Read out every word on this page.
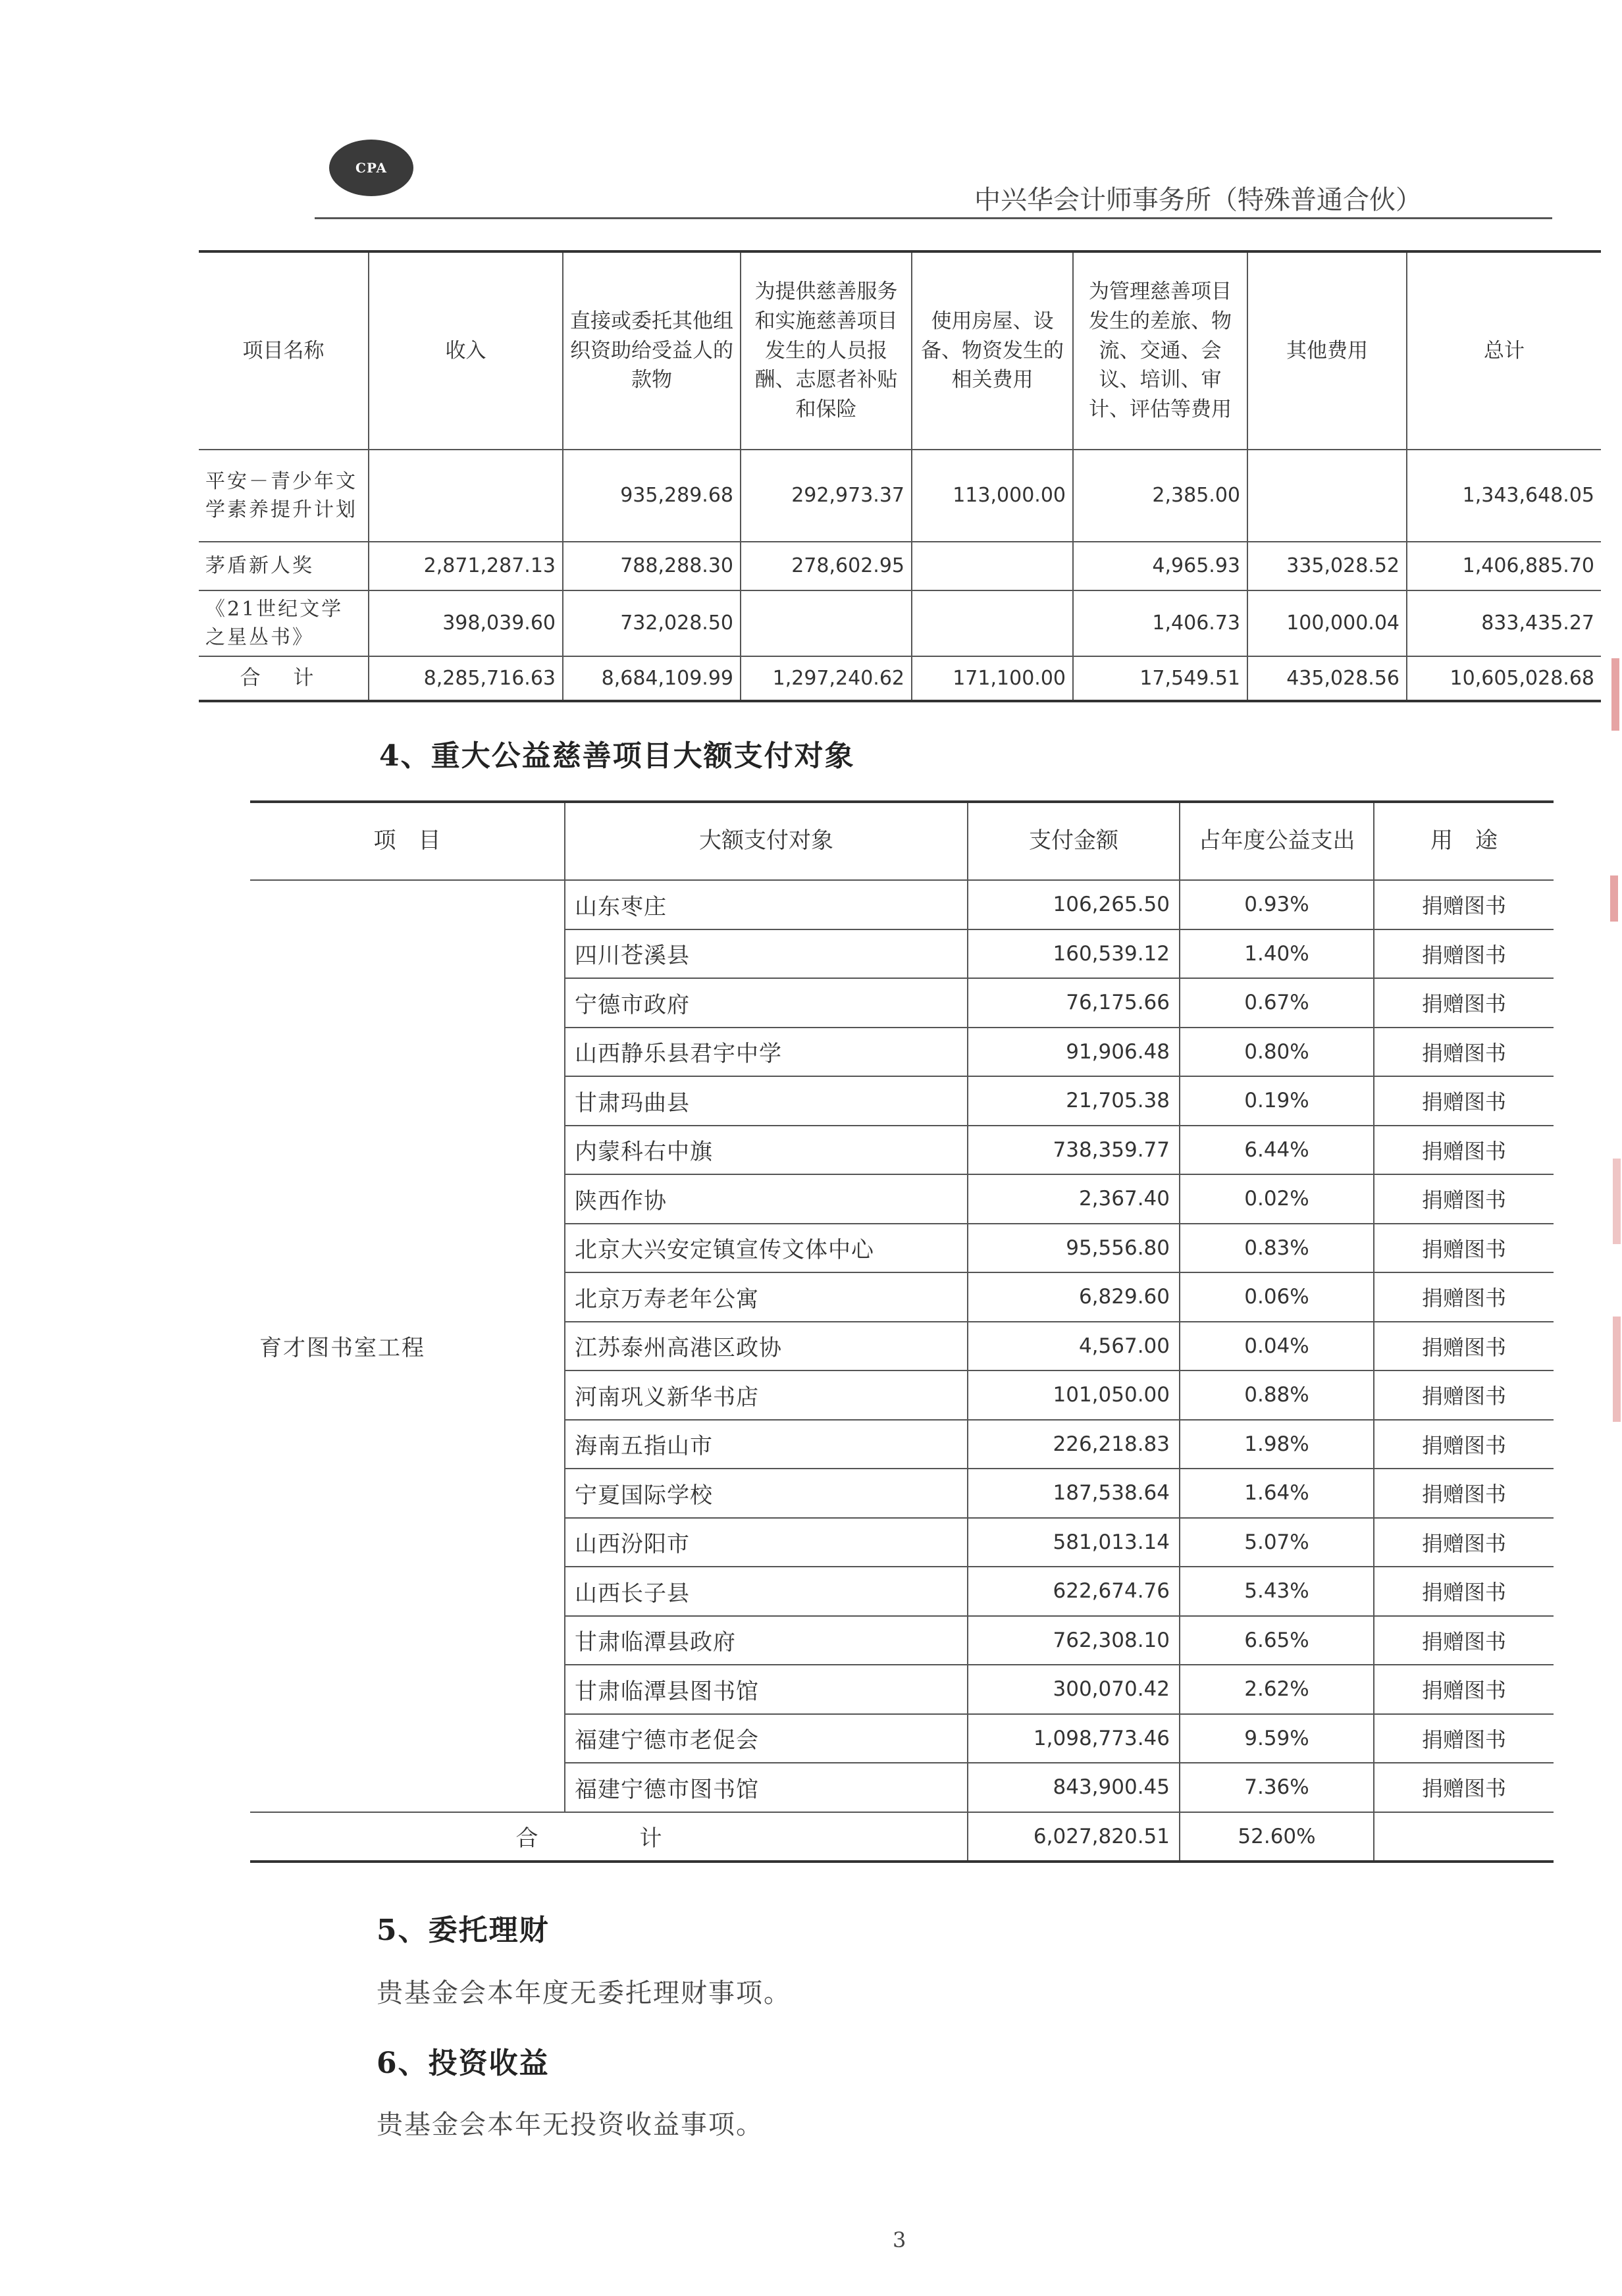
CPA
中兴华会计师事务所（特殊普通合伙）
项目名称	收入	直接或委托其他组织资助给受益人的款物	为提供慈善服务和实施慈善项目发生的人员报酬、志愿者补贴和保险	使用房屋、设备、物资发生的相关费用	为管理慈善项目发生的差旅、物流、交通、会议、培训、审计、评估等费用	其他费用	总计
平安－青少年文学素养提升计划		935,289.68	292,973.37	113,000.00	2,385.00		1,343,648.05
茅盾新人奖	2,871,287.13	788,288.30	278,602.95		4,965.93	335,028.52	1,406,885.70
《21世纪文学之星丛书》	398,039.60	732,028.50			1,406.73	100,000.04	833,435.27
合 计	8,285,716.63	8,684,109.99	1,297,240.62	171,100.00	17,549.51	435,028.56	10,605,028.68
4、重大公益慈善项目大额支付对象
项　目	大额支付对象	支付金额	占年度公益支出	用　途
育才图书室工程	山东枣庄	106,265.50	0.93%	捐赠图书
	四川苍溪县	160,539.12	1.40%	捐赠图书
	宁德市政府	76,175.66	0.67%	捐赠图书
	山西静乐县君宇中学	91,906.48	0.80%	捐赠图书
	甘肃玛曲县	21,705.38	0.19%	捐赠图书
	内蒙科右中旗	738,359.77	6.44%	捐赠图书
	陕西作协	2,367.40	0.02%	捐赠图书
	北京大兴安定镇宣传文体中心	95,556.80	0.83%	捐赠图书
	北京万寿老年公寓	6,829.60	0.06%	捐赠图书
	江苏泰州高港区政协	4,567.00	0.04%	捐赠图书
	河南巩义新华书店	101,050.00	0.88%	捐赠图书
	海南五指山市	226,218.83	1.98%	捐赠图书
	宁夏国际学校	187,538.64	1.64%	捐赠图书
	山西汾阳市	581,013.14	5.07%	捐赠图书
	山西长子县	622,674.76	5.43%	捐赠图书
	甘肃临潭县政府	762,308.10	6.65%	捐赠图书
	甘肃临潭县图书馆	300,070.42	2.62%	捐赠图书
	福建宁德市老促会	1,098,773.46	9.59%	捐赠图书
	福建宁德市图书馆	843,900.45	7.36%	捐赠图书
合　计		6,027,820.51	52.60%	
5、委托理财
贵基金会本年度无委托理财事项。
6、投资收益
贵基金会本年无投资收益事项。
3
